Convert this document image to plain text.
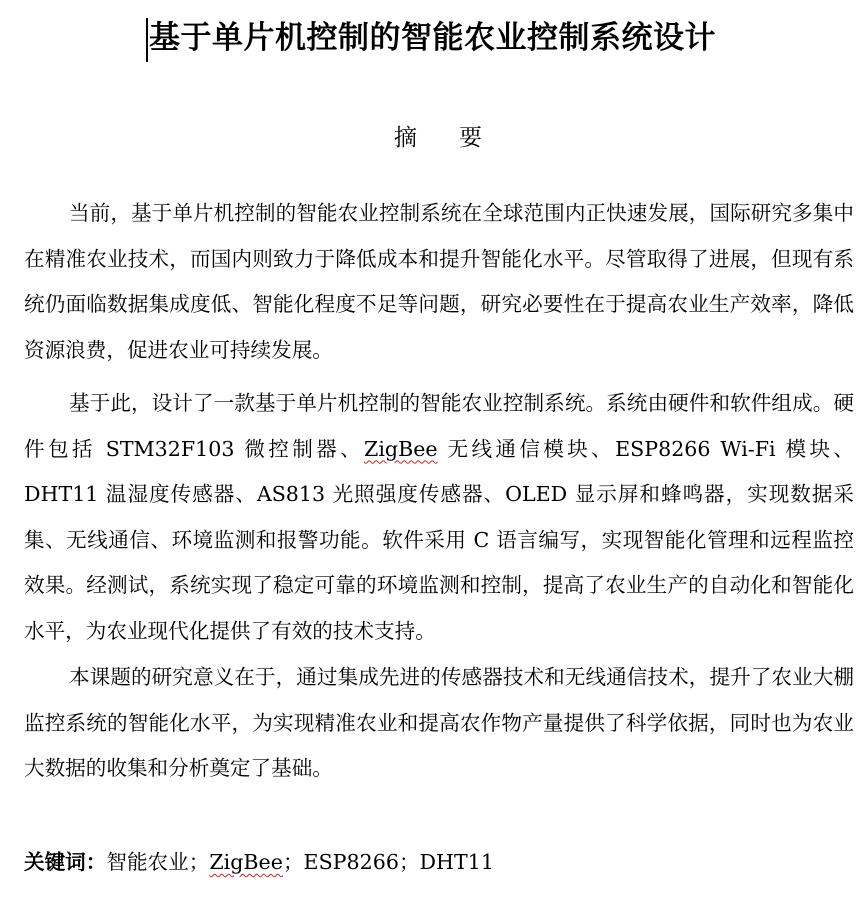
基于单片机控制的智能农业控制系统设计
摘 要

当前，基于单片机控制的智能农业控制系统在全球范围内正快速发展，国际研究多集中在精准农业技术，而国内则致力于降低成本和提升智能化水平。尽管取得了进展，但现有系统仍面临数据集成度低、智能化程度不足等问题，研究必要性在于提高农业生产效率，降低资源浪费，促进农业可持续发展。

基于此，设计了一款基于单片机控制的智能农业控制系统。系统由硬件和软件组成。硬件包括 STM32F103 微控制器、ZigBee 无线通信模块、ESP8266 Wi-Fi 模块、DHT11 温湿度传感器、AS813 光照强度传感器、OLED 显示屏和蜂鸣器，实现数据采集、无线通信、环境监测和报警功能。软件采用 C 语言编写，实现智能化管理和远程监控效果。经测试，系统实现了稳定可靠的环境监测和控制，提高了农业生产的自动化和智能化水平，为农业现代化提供了有效的技术支持。

本课题的研究意义在于，通过集成先进的传感器技术和无线通信技术，提升了农业大棚监控系统的智能化水平，为实现精准农业和提高农作物产量提供了科学依据，同时也为农业大数据的收集和分析奠定了基础。

关键词：智能农业；ZigBee；ESP8266；DHT11
